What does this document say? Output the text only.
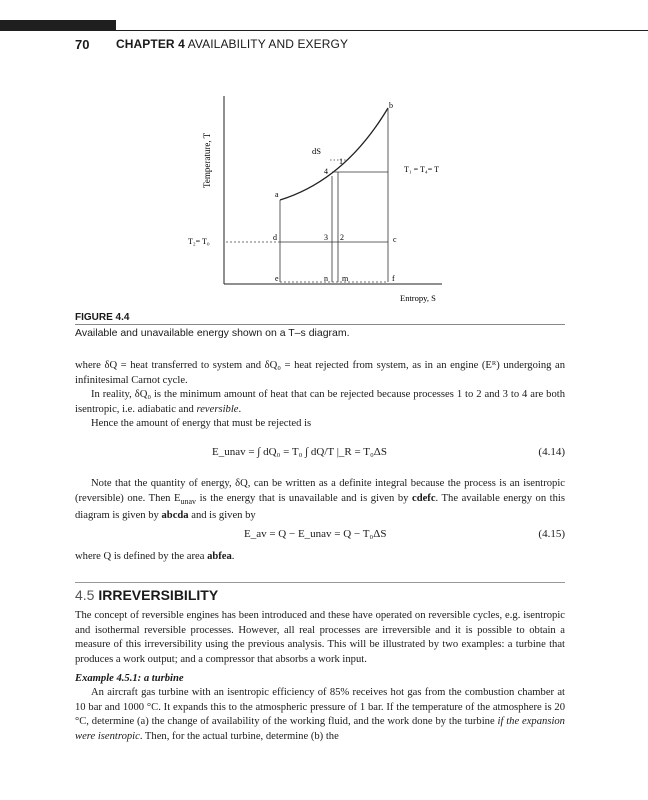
70 CHAPTER 4 AVAILABILITY AND EXERGY
Temperature, T
Entropy, S
dS
T₂= T₀
T₁ = T₄= T
a
b
c
d
e	f
m
n
1
2
3
4
FIGURE 4.4
Available and unavailable energy shown on a T–s diagram.
where δQ = heat transferred to system and δQ₀ = heat rejected from system, as in an engine (Eᴿ) undergoing an infinitesimal Carnot cycle.
In reality, δQ₀ is the minimum amount of heat that can be rejected because processes 1 to 2 and 3 to 4 are both isentropic, i.e. adiabatic and reversible.
Hence the amount of energy that must be rejected is
E_unav = ∫ dQ₀ = T₀ ∫ dQ/T |_R = T₀ΔS	(4.14)
Note that the quantity of energy, δQ, can be written as a definite integral because the process is an isentropic (reversible) one. Then $E_{unav}$ is the energy that is unavailable and is given by cdefc. The available energy on this diagram is given by abcda and is given by
E_av = Q − E_unav = Q − T₀ΔS	(4.15)
where Q is defined by the area abfea.
4.5 IRREVERSIBILITY
The concept of reversible engines has been introduced and these have operated on reversible cycles, e.g. isentropic and isothermal reversible processes. However, all real processes are irreversible and it is possible to obtain a measure of this irreversibility using the previous analysis. This will be illustrated by two examples: a turbine that produces a work output; and a compressor that absorbs a work input.
Example 4.5.1: a turbine
An aircraft gas turbine with an isentropic efficiency of 85% receives hot gas from the combustion chamber at 10 bar and 1000 °C. It expands this to the atmospheric pressure of 1 bar. If the temperature of the atmosphere is 20 °C, determine (a) the change of availability of the working fluid, and the work done by the turbine if the expansion were isentropic. Then, for the actual turbine, determine (b) the
